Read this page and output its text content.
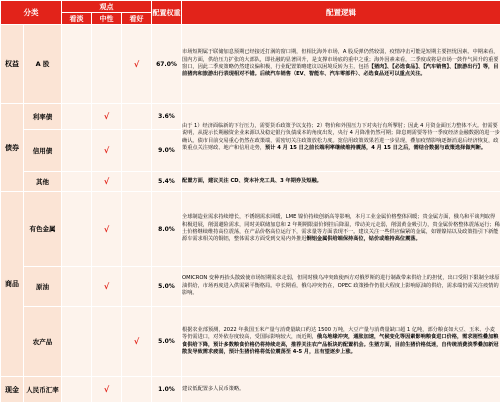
分类		观点			配置权重	配置逻辑
		看淡	中性	看好		
权益	A 股			√	67.0%	市场短期属于联储加息预期已经接近打满的窗口期，但相比海外市场，A 股反弹仍然较弱，疫情冲击可能是短期主要担忧因素。中期来看，国内方面，供给压力扩张的大部队，即社融的显著回升，是支撑市场底的重中之重；海外因素来看，二季度或将是市场一鼓作气回升的重要窗口，因此二季度策略仍然建议偏积极，行业配置策略建议以困境反转为主，包括【猪肉】、【必选食品】、【汽车销售】、【旅游出行】等，目前猪肉和旅游出行表现相对不错。后续汽车销售（EV、智能车、汽车零部件）、必选食品还可以重点关注。
债券	利率债		√		3.6%	由于 1）经济面临新的下行压力，需要货币政策予以支持；2）物价和外围压力下对央行有所掣肘；因此 4 月资金面压力整体不大。但需要说明，从提示长期融资企业来源以及稳定银行负债成本的角度出发，央行 4 月降准仍然可期；降息则需要等待一季度经济金融数据的进一步确认。债市目前交易重心仍然在政策端，需密切关注政策放松力度。宽信用政策效果若进一步显现，叠加疫情影响逐渐消退后经济恢复，政策重点关注财政、地产和信用走势，预计 4 月 15 日之前长端利率继续维持震荡，4 月 15 日之后，需结合数据与政策选择做判断。
	信用债		√		9.0%	
	其他		√		5.4%	配置方面，建议关注 CD、资本补充工具、3 年期券及短融。
商品	有色金属		√		8.0%	全球制造业需求持续增长，不锈钢需求回暖，LME 镍价持续创新高等影响，本月工业金属价格整体回暖；贵金属方面，俄乌和平谈判取得积极进展，削弱避险需求，同时美联储加息和 2 年期期限溢价倒挂后降温，带动美元走弱，削弱黄金吸引力，贵金属价格整体震荡运行；稀土价格继续维持高位震荡，在产品价格高位运行下，需求量等方面表现不一。建议关注一些供应偏紧的金属，如锂镍钴以及政策指引下新能源车需求相关的铜铝，整体需求方面受到交易内外推迟铜铝金属供给端保持高位，钴价或维持高位震荡。
	原油		√		5.0%	OMICRON 变种再抬头散致使市场短期需求走弱，但同时俄乌冲突致使西方对俄罗斯的进行制裁带来供给上的担忧，出口受阻下限制全球原油供给，市场再度进入供需紧平衡格局。中长期看，俄乌冲突仍在，OPEC 政策操作仍很大程度上影响原油的供给，需求端仍需关注疫情的影响。
	农产品			√	5.0%	根据农业部预测，2022 年我国玉米产量与消费量缺口约达 1500 万吨，大豆产量与消费量缺口超 1 亿吨，部分粮食如大豆、玉米、小麦等仍需进口，对外依存度较高，受国际影响较大，而近期，俄乌地缘冲突，通胀加速，气候变化等因素影响粮食进口价格，需求刚性叠加粮食供给下降，预计多数粮食价格仍将持续走高，推荐关注农产品板块的配置机会。生猪方面，目前生猪价格低迷，自传统消费淡季叠加新冠散发导致需求疲弱，预计生猪价格将低位震荡至 4-5 月，且有望逐步上涨。
现金	人民币汇率		√		1.0%	建议低配置多人民币策略。
